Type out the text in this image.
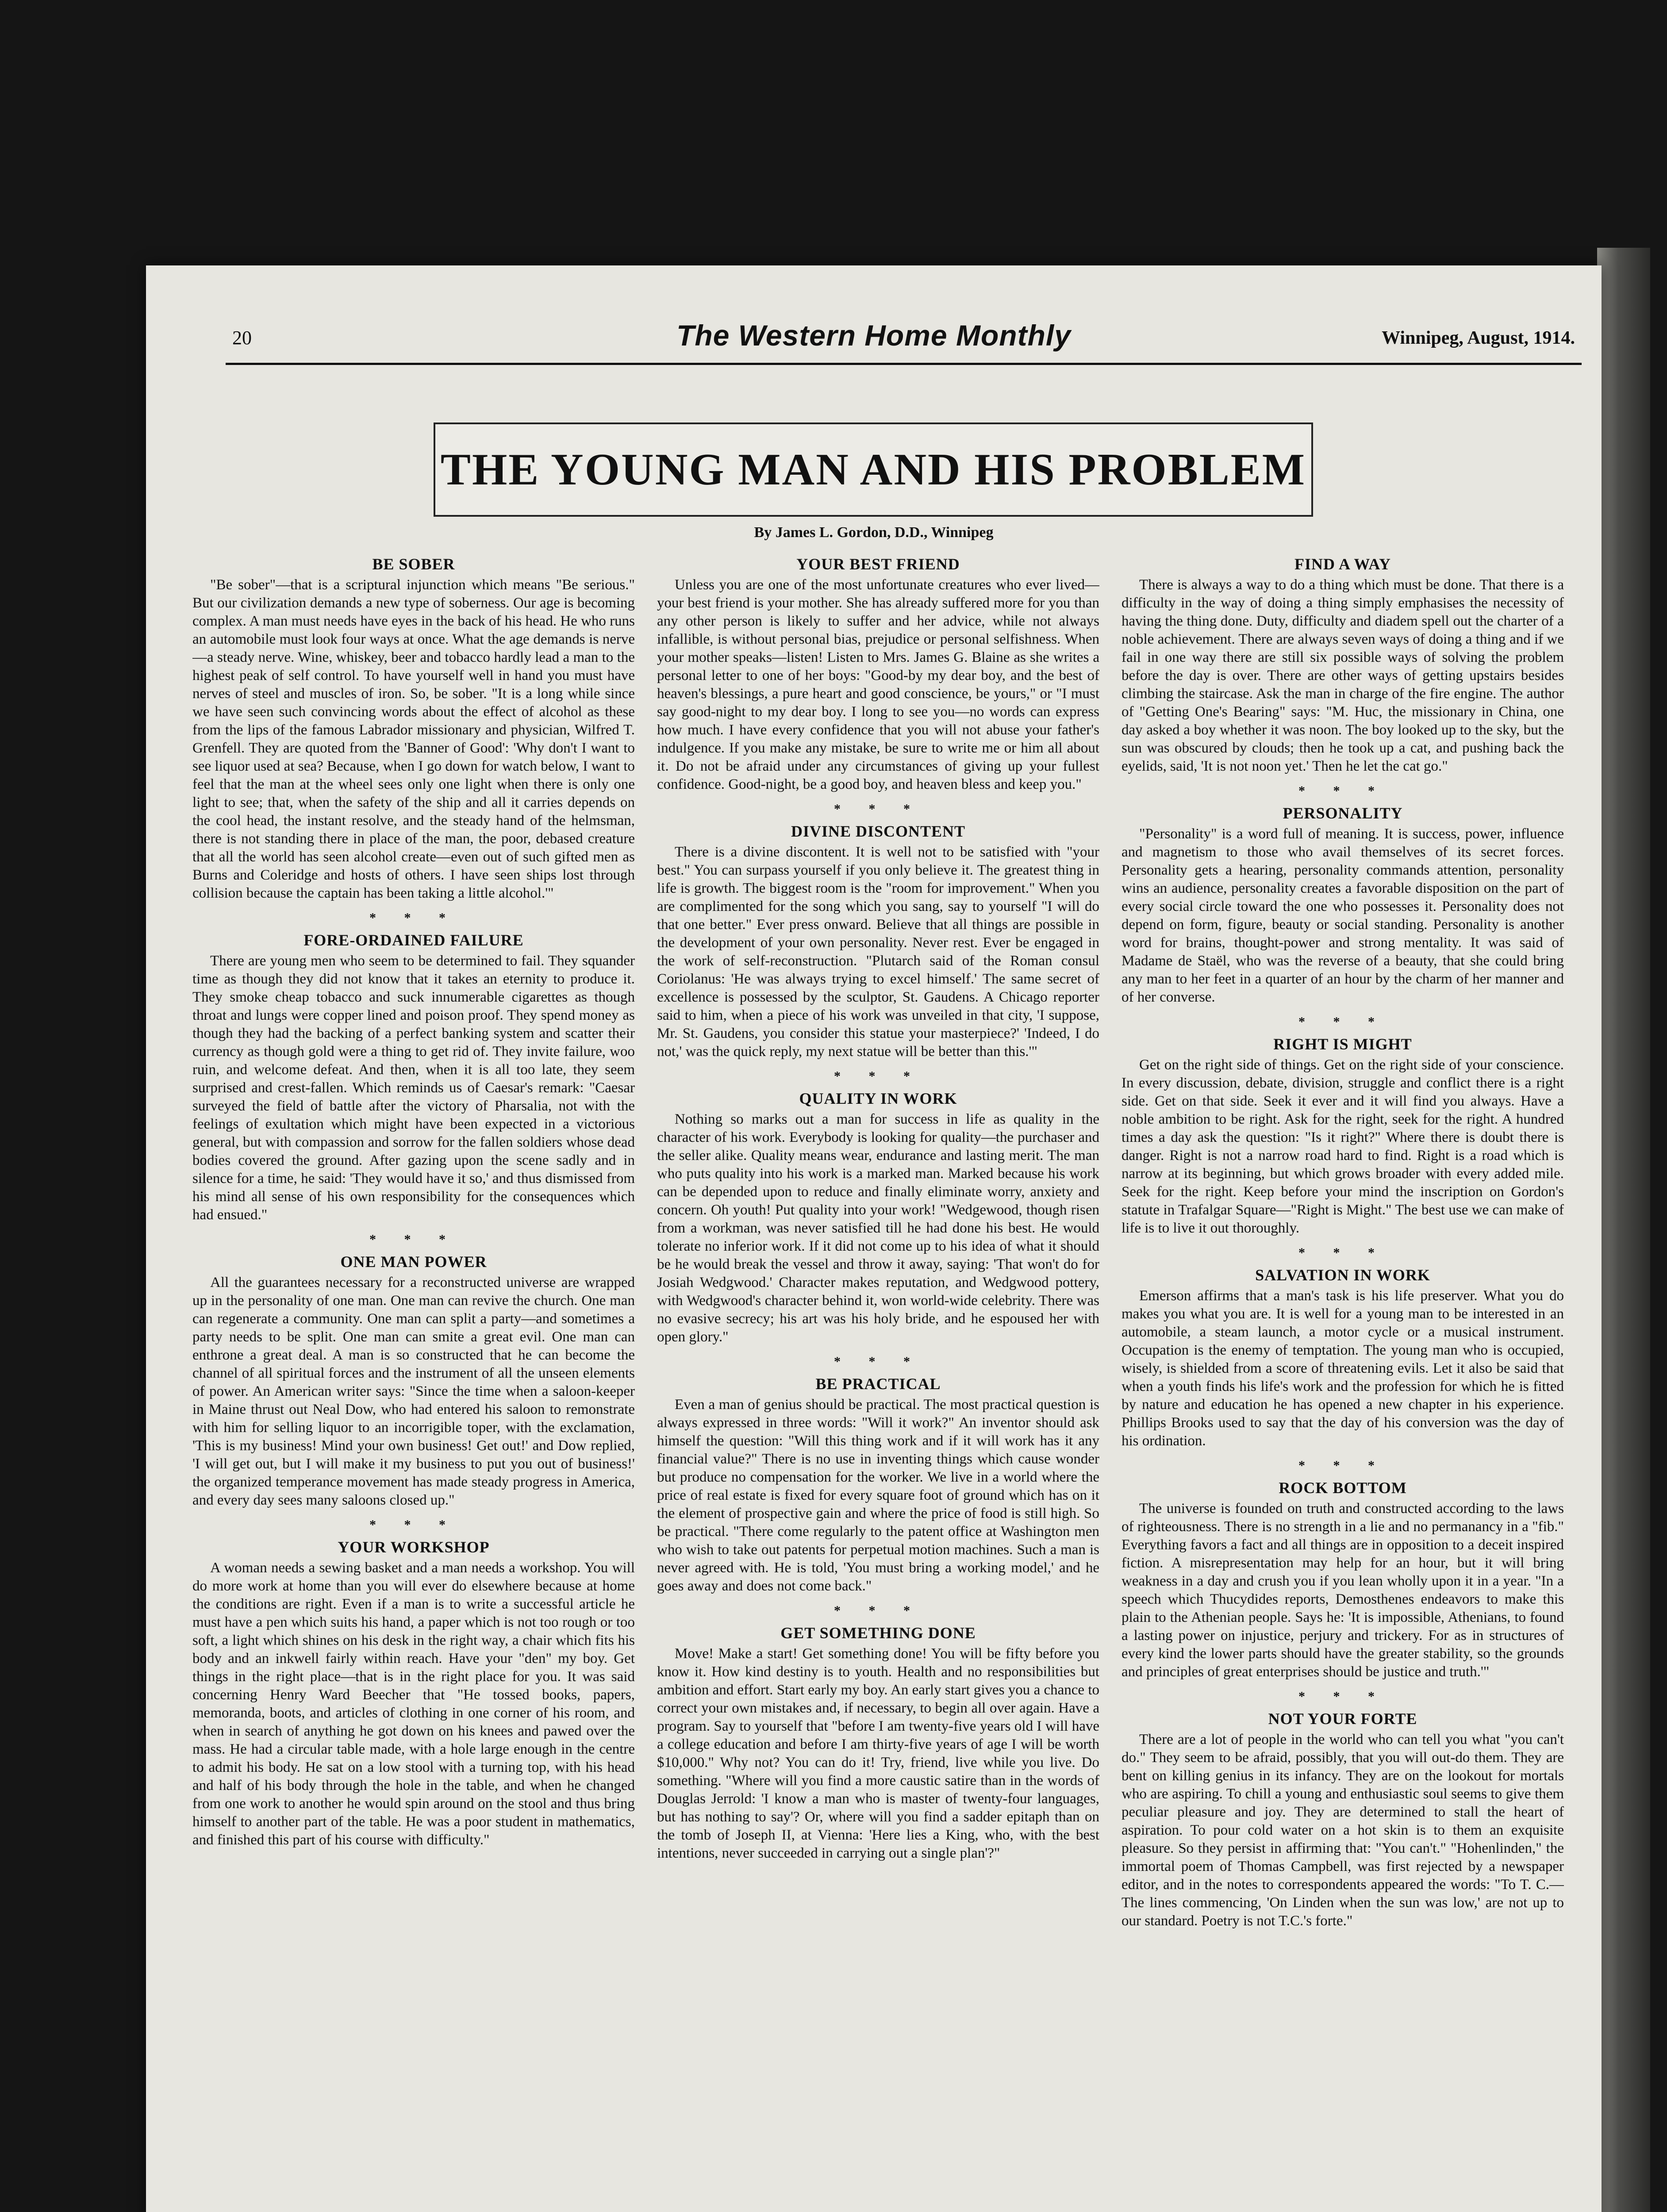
20	The Western Home Monthly	Winnipeg, August, 1914.
THE YOUNG MAN AND HIS PROBLEM
By James L. Gordon, D.D., Winnipeg
BE SOBER

"Be sober"—that is a scriptural injunction which means "Be serious." But our civilization demands a new type of soberness. Our age is becoming complex. A man must needs have eyes in the back of his head. He who runs an automobile must look four ways at once. What the age demands is nerve—a steady nerve. Wine, whiskey, beer and tobacco hardly lead a man to the highest peak of self control. To have yourself well in hand you must have nerves of steel and muscles of iron. So, be sober. "It is a long while since we have seen such convincing words about the effect of alcohol as these from the lips of the famous Labrador missionary and physician, Wilfred T. Grenfell. They are quoted from the 'Banner of Good': 'Why don't I want to see liquor used at sea? Because, when I go down for watch below, I want to feel that the man at the wheel sees only one light when there is only one light to see; that, when the safety of the ship and all it carries depends on the cool head, the instant resolve, and the steady hand of the helmsman, there is not standing there in place of the man, the poor, debased creature that all the world has seen alcohol create—even out of such gifted men as Burns and Coleridge and hosts of others. I have seen ships lost through collision because the captain has been taking a little alcohol.'"

* * *
FORE-ORDAINED FAILURE

There are young men who seem to be determined to fail. They squander time as though they did not know that it takes an eternity to produce it. They smoke cheap tobacco and suck innumerable cigarettes as though throat and lungs were copper lined and poison proof. They spend money as though they had the backing of a perfect banking system and scatter their currency as though gold were a thing to get rid of. They invite failure, woo ruin, and welcome defeat. And then, when it is all too late, they seem surprised and crest-fallen. Which reminds us of Caesar's remark: "Caesar surveyed the field of battle after the victory of Pharsalia, not with the feelings of exultation which might have been expected in a victorious general, but with compassion and sorrow for the fallen soldiers whose dead bodies covered the ground. After gazing upon the scene sadly and in silence for a time, he said: 'They would have it so,' and thus dismissed from his mind all sense of his own responsibility for the consequences which had ensued."

* * *
ONE MAN POWER

All the guarantees necessary for a reconstructed universe are wrapped up in the personality of one man. One man can revive the church. One man can regenerate a community. One man can split a party—and sometimes a party needs to be split. One man can smite a great evil. One man can enthrone a great deal. A man is so constructed that he can become the channel of all spiritual forces and the instrument of all the unseen elements of power. An American writer says: "Since the time when a saloon-keeper in Maine thrust out Neal Dow, who had entered his saloon to remonstrate with him for selling liquor to an incorrigible toper, with the exclamation, 'This is my business! Mind your own business! Get out!' and Dow replied, 'I will get out, but I will make it my business to put you out of business!' the organized temperance movement has made steady progress in America, and every day sees many saloons closed up."

* * *
YOUR WORKSHOP

A woman needs a sewing basket and a man needs a workshop. You will do more work at home than you will ever do elsewhere because at home the conditions are right. Even if a man is to write a successful article he must have a pen which suits his hand, a paper which is not too rough or too soft, a light which shines on his desk in the right way, a chair which fits his body and an inkwell fairly within reach. Have your "den" my boy. Get things in the right place—that is in the right place for you. It was said concerning Henry Ward Beecher that "He tossed books, papers, memoranda, boots, and articles of clothing in one corner of his room, and when in search of anything he got down on his knees and pawed over the mass. He had a circular table made, with a hole large enough in the centre to admit his body. He sat on a low stool with a turning top, with his head and half of his body through the hole in the table, and when he changed from one work to another he would spin around on the stool and thus bring himself to another part of the table. He was a poor student in mathematics, and finished this part of his course with difficulty."

YOUR BEST FRIEND

Unless you are one of the most unfortunate creatures who ever lived—your best friend is your mother. She has already suffered more for you than any other person is likely to suffer and her advice, while not always infallible, is without personal bias, prejudice or personal selfishness. When your mother speaks—listen! Listen to Mrs. James G. Blaine as she writes a personal letter to one of her boys: "Good-by my dear boy, and the best of heaven's blessings, a pure heart and good conscience, be yours," or "I must say good-night to my dear boy. I long to see you—no words can express how much. I have every confidence that you will not abuse your father's indulgence. If you make any mistake, be sure to write me or him all about it. Do not be afraid under any circumstances of giving up your fullest confidence. Good-night, be a good boy, and heaven bless and keep you."

* * *
DIVINE DISCONTENT

There is a divine discontent. It is well not to be satisfied with "your best." You can surpass yourself if you only believe it. The greatest thing in life is growth. The biggest room is the "room for improvement." When you are complimented for the song which you sang, say to yourself "I will do that one better." Ever press onward. Believe that all things are possible in the development of your own personality. Never rest. Ever be engaged in the work of self-reconstruction. "Plutarch said of the Roman consul Coriolanus: 'He was always trying to excel himself.' The same secret of excellence is possessed by the sculptor, St. Gaudens. A Chicago reporter said to him, when a piece of his work was unveiled in that city, 'I suppose, Mr. St. Gaudens, you consider this statue your masterpiece?' 'Indeed, I do not,' was the quick reply, my next statue will be better than this.'"

* * *
QUALITY IN WORK

Nothing so marks out a man for success in life as quality in the character of his work. Everybody is looking for quality—the purchaser and the seller alike. Quality means wear, endurance and lasting merit. The man who puts quality into his work is a marked man. Marked because his work can be depended upon to reduce and finally eliminate worry, anxiety and concern. Oh youth! Put quality into your work! "Wedgewood, though risen from a workman, was never satisfied till he had done his best. He would tolerate no inferior work. If it did not come up to his idea of what it should be he would break the vessel and throw it away, saying: 'That won't do for Josiah Wedgwood.' Character makes reputation, and Wedgwood pottery, with Wedgwood's character behind it, won world-wide celebrity. There was no evasive secrecy; his art was his holy bride, and he espoused her with open glory."

* * *
BE PRACTICAL

Even a man of genius should be practical. The most practical question is always expressed in three words: "Will it work?" An inventor should ask himself the question: "Will this thing work and if it will work has it any financial value?" There is no use in inventing things which cause wonder but produce no compensation for the worker. We live in a world where the price of real estate is fixed for every square foot of ground which has on it the element of prospective gain and where the price of food is still high. So be practical. "There come regularly to the patent office at Washington men who wish to take out patents for perpetual motion machines. Such a man is never agreed with. He is told, 'You must bring a working model,' and he goes away and does not come back."

* * *
GET SOMETHING DONE

Move! Make a start! Get something done! You will be fifty before you know it. How kind destiny is to youth. Health and no responsibilities but ambition and effort. Start early my boy. An early start gives you a chance to correct your own mistakes and, if necessary, to begin all over again. Have a program. Say to yourself that "before I am twenty-five years old I will have a college education and before I am thirty-five years of age I will be worth $10,000." Why not? You can do it! Try, friend, live while you live. Do something. "Where will you find a more caustic satire than in the words of Douglas Jerrold: 'I know a man who is master of twenty-four languages, but has nothing to say'? Or, where will you find a sadder epitaph than on the tomb of Joseph II, at Vienna: 'Here lies a King, who, with the best intentions, never succeeded in carrying out a single plan'?"

FIND A WAY

There is always a way to do a thing which must be done. That there is a difficulty in the way of doing a thing simply emphasises the necessity of having the thing done. Duty, difficulty and diadem spell out the charter of a noble achievement. There are always seven ways of doing a thing and if we fail in one way there are still six possible ways of solving the problem before the day is over. There are other ways of getting upstairs besides climbing the staircase. Ask the man in charge of the fire engine. The author of "Getting One's Bearing" says: "M. Huc, the missionary in China, one day asked a boy whether it was noon. The boy looked up to the sky, but the sun was obscured by clouds; then he took up a cat, and pushing back the eyelids, said, 'It is not noon yet.' Then he let the cat go."

* * *
PERSONALITY

"Personality" is a word full of meaning. It is success, power, influence and magnetism to those who avail themselves of its secret forces. Personality gets a hearing, personality commands attention, personality wins an audience, personality creates a favorable disposition on the part of every social circle toward the one who possesses it. Personality does not depend on form, figure, beauty or social standing. Personality is another word for brains, thought-power and strong mentality. It was said of Madame de Staël, who was the reverse of a beauty, that she could bring any man to her feet in a quarter of an hour by the charm of her manner and of her converse.

* * *
RIGHT IS MIGHT

Get on the right side of things. Get on the right side of your conscience. In every discussion, debate, division, struggle and conflict there is a right side. Get on that side. Seek it ever and it will find you always. Have a noble ambition to be right. Ask for the right, seek for the right. A hundred times a day ask the question: "Is it right?" Where there is doubt there is danger. Right is not a narrow road hard to find. Right is a road which is narrow at its beginning, but which grows broader with every added mile. Seek for the right. Keep before your mind the inscription on Gordon's statute in Trafalgar Square—"Right is Might." The best use we can make of life is to live it out thoroughly.

* * *
SALVATION IN WORK

Emerson affirms that a man's task is his life preserver. What you do makes you what you are. It is well for a young man to be interested in an automobile, a steam launch, a motor cycle or a musical instrument. Occupation is the enemy of temptation. The young man who is occupied, wisely, is shielded from a score of threatening evils. Let it also be said that when a youth finds his life's work and the profession for which he is fitted by nature and education he has opened a new chapter in his experience. Phillips Brooks used to say that the day of his conversion was the day of his ordination.

* * *
ROCK BOTTOM

The universe is founded on truth and constructed according to the laws of righteousness. There is no strength in a lie and no permanancy in a "fib." Everything favors a fact and all things are in opposition to a deceit inspired fiction. A misrepresentation may help for an hour, but it will bring weakness in a day and crush you if you lean wholly upon it in a year. "In a speech which Thucydides reports, Demosthenes endeavors to make this plain to the Athenian people. Says he: 'It is impossible, Athenians, to found a lasting power on injustice, perjury and trickery. For as in structures of every kind the lower parts should have the greater stability, so the grounds and principles of great enterprises should be justice and truth.'"

* * *
NOT YOUR FORTE

There are a lot of people in the world who can tell you what "you can't do." They seem to be afraid, possibly, that you will out-do them. They are bent on killing genius in its infancy. They are on the lookout for mortals who are aspiring. To chill a young and enthusiastic soul seems to give them peculiar pleasure and joy. They are determined to stall the heart of aspiration. To pour cold water on a hot skin is to them an exquisite pleasure. So they persist in affirming that: "You can't." "Hohenlinden," the immortal poem of Thomas Campbell, was first rejected by a newspaper editor, and in the notes to correspondents appeared the words: "To T. C.—The lines commencing, 'On Linden when the sun was low,' are not up to our standard. Poetry is not T.C.'s forte."
